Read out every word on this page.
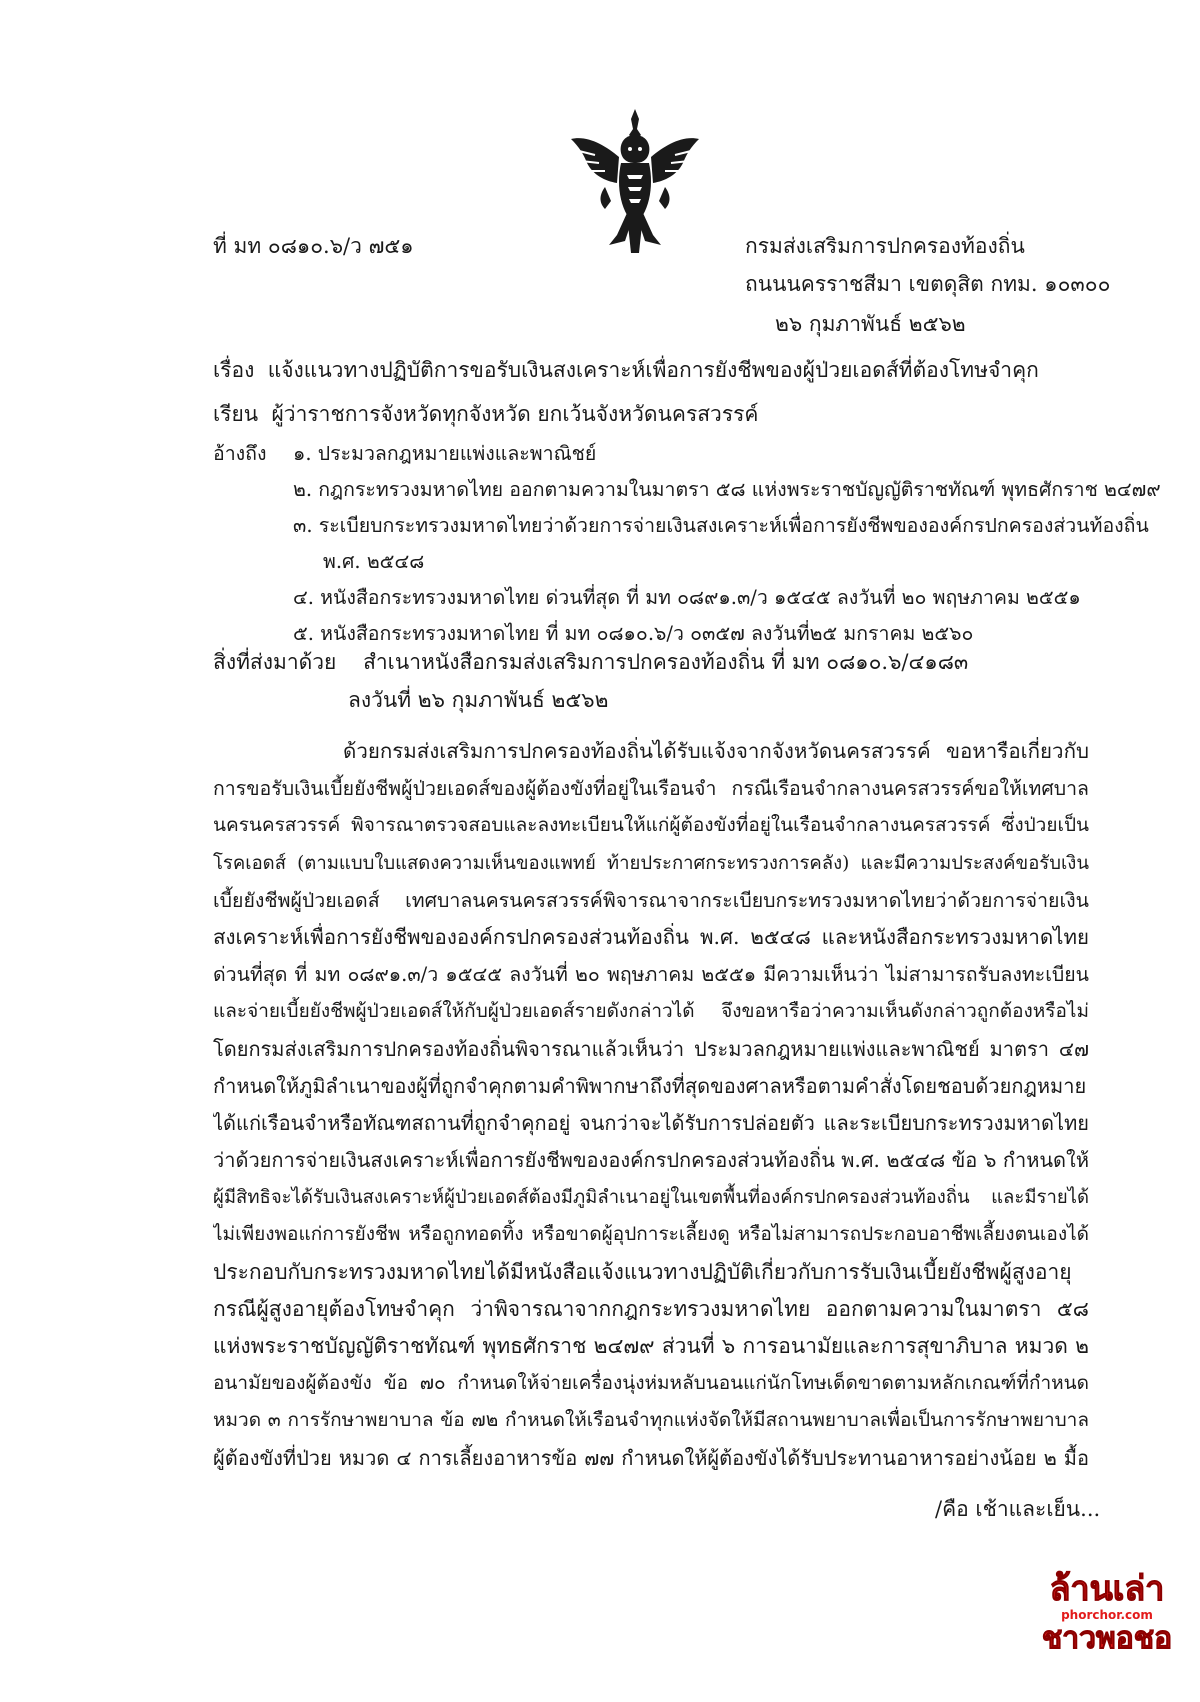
ที่ มท ๐๘๑๐.๖/ว ๗๕๑	กรมส่งเสริมการปกครองท้องถิ่น
ถนนนครราชสีมา เขตดุสิต กทม. ๑๐๓๐๐
๒๖ กุมภาพันธ์ ๒๕๖๒
เรื่อง แจ้งแนวทางปฏิบัติการขอรับเงินสงเคราะห์เพื่อการยังชีพของผู้ป่วยเอดส์ที่ต้องโทษจำคุก
เรียน ผู้ว่าราชการจังหวัดทุกจังหวัด ยกเว้นจังหวัดนครสวรรค์
อ้างถึง	๑. ประมวลกฎหมายแพ่งและพาณิชย์
๒. กฎกระทรวงมหาดไทย ออกตามความในมาตรา ๕๘ แห่งพระราชบัญญัติราชทัณฑ์ พุทธศักราช ๒๔๗๙
๓. ระเบียบกระทรวงมหาดไทยว่าด้วยการจ่ายเงินสงเคราะห์เพื่อการยังชีพขององค์กรปกครองส่วนท้องถิ่น
พ.ศ. ๒๕๔๘
๔. หนังสือกระทรวงมหาดไทย ด่วนที่สุด ที่ มท ๐๘๙๑.๓/ว ๑๕๔๕ ลงวันที่ ๒๐ พฤษภาคม ๒๕๕๑
๕. หนังสือกระทรวงมหาดไทย ที่ มท ๐๘๑๐.๖/ว ๐๓๕๗ ลงวันที่๒๕ มกราคม ๒๕๖๐
สิ่งที่ส่งมาด้วย สำเนาหนังสือกรมส่งเสริมการปกครองท้องถิ่น ที่ มท ๐๘๑๐.๖/๔๑๘๓
ลงวันที่ ๒๖ กุมภาพันธ์ ๒๕๖๒
ด้วยกรมส่งเสริมการปกครองท้องถิ่นได้รับแจ้งจากจังหวัดนครสวรรค์ ขอหารือเกี่ยวกับ
การขอรับเงินเบี้ยยังชีพผู้ป่วยเอดส์ของผู้ต้องขังที่อยู่ในเรือนจำ กรณีเรือนจำกลางนครสวรรค์ขอให้เทศบาล
นครนครสวรรค์ พิจารณาตรวจสอบและลงทะเบียนให้แก่ผู้ต้องขังที่อยู่ในเรือนจำกลางนครสวรรค์ ซึ่งป่วยเป็น
โรคเอดส์ (ตามแบบใบแสดงความเห็นของแพทย์ ท้ายประกาศกระทรวงการคลัง) และมีความประสงค์ขอรับเงิน
เบี้ยยังชีพผู้ป่วยเอดส์ เทศบาลนครนครสวรรค์พิจารณาจากระเบียบกระทรวงมหาดไทยว่าด้วยการจ่ายเงิน
สงเคราะห์เพื่อการยังชีพขององค์กรปกครองส่วนท้องถิ่น พ.ศ. ๒๕๔๘ และหนังสือกระทรวงมหาดไทย
ด่วนที่สุด ที่ มท ๐๘๙๑.๓/ว ๑๕๔๕ ลงวันที่ ๒๐ พฤษภาคม ๒๕๕๑ มีความเห็นว่า ไม่สามารถรับลงทะเบียน
และจ่ายเบี้ยยังชีพผู้ป่วยเอดส์ให้กับผู้ป่วยเอดส์รายดังกล่าวได้ จึงขอหารือว่าความเห็นดังกล่าวถูกต้องหรือไม่
โดยกรมส่งเสริมการปกครองท้องถิ่นพิจารณาแล้วเห็นว่า ประมวลกฎหมายแพ่งและพาณิชย์ มาตรา ๔๗
กำหนดให้ภูมิลำเนาของผู้ที่ถูกจำคุกตามคำพิพากษาถึงที่สุดของศาลหรือตามคำสั่งโดยชอบด้วยกฎหมาย
ได้แก่เรือนจำหรือทัณฑสถานที่ถูกจำคุกอยู่ จนกว่าจะได้รับการปล่อยตัว และระเบียบกระทรวงมหาดไทย
ว่าด้วยการจ่ายเงินสงเคราะห์เพื่อการยังชีพขององค์กรปกครองส่วนท้องถิ่น พ.ศ. ๒๕๔๘ ข้อ ๖ กำหนดให้
ผู้มีสิทธิจะได้รับเงินสงเคราะห์ผู้ป่วยเอดส์ต้องมีภูมิลำเนาอยู่ในเขตพื้นที่องค์กรปกครองส่วนท้องถิ่น และมีรายได้
ไม่เพียงพอแก่การยังชีพ หรือถูกทอดทิ้ง หรือขาดผู้อุปการะเลี้ยงดู หรือไม่สามารถประกอบอาชีพเลี้ยงตนเองได้
ประกอบกับกระทรวงมหาดไทยได้มีหนังสือแจ้งแนวทางปฏิบัติเกี่ยวกับการรับเงินเบี้ยยังชีพผู้สูงอายุ
กรณีผู้สูงอายุต้องโทษจำคุก ว่าพิจารณาจากกฎกระทรวงมหาดไทย ออกตามความในมาตรา ๕๘
แห่งพระราชบัญญัติราชทัณฑ์ พุทธศักราช ๒๔๗๙ ส่วนที่ ๖ การอนามัยและการสุขาภิบาล หมวด ๒
อนามัยของผู้ต้องขัง ข้อ ๗๐ กำหนดให้จ่ายเครื่องนุ่งห่มหลับนอนแก่นักโทษเด็ดขาดตามหลักเกณฑ์ที่กำหนด
หมวด ๓ การรักษาพยาบาล ข้อ ๗๒ กำหนดให้เรือนจำทุกแห่งจัดให้มีสถานพยาบาลเพื่อเป็นการรักษาพยาบาล
ผู้ต้องขังที่ป่วย หมวด ๔ การเลี้ยงอาหารข้อ ๗๗ กำหนดให้ผู้ต้องขังได้รับประทานอาหารอย่างน้อย ๒ มื้อ
/คือ เช้าและเย็น...
ล้านเล่า
phorchor.com
ชาวพอชอ
